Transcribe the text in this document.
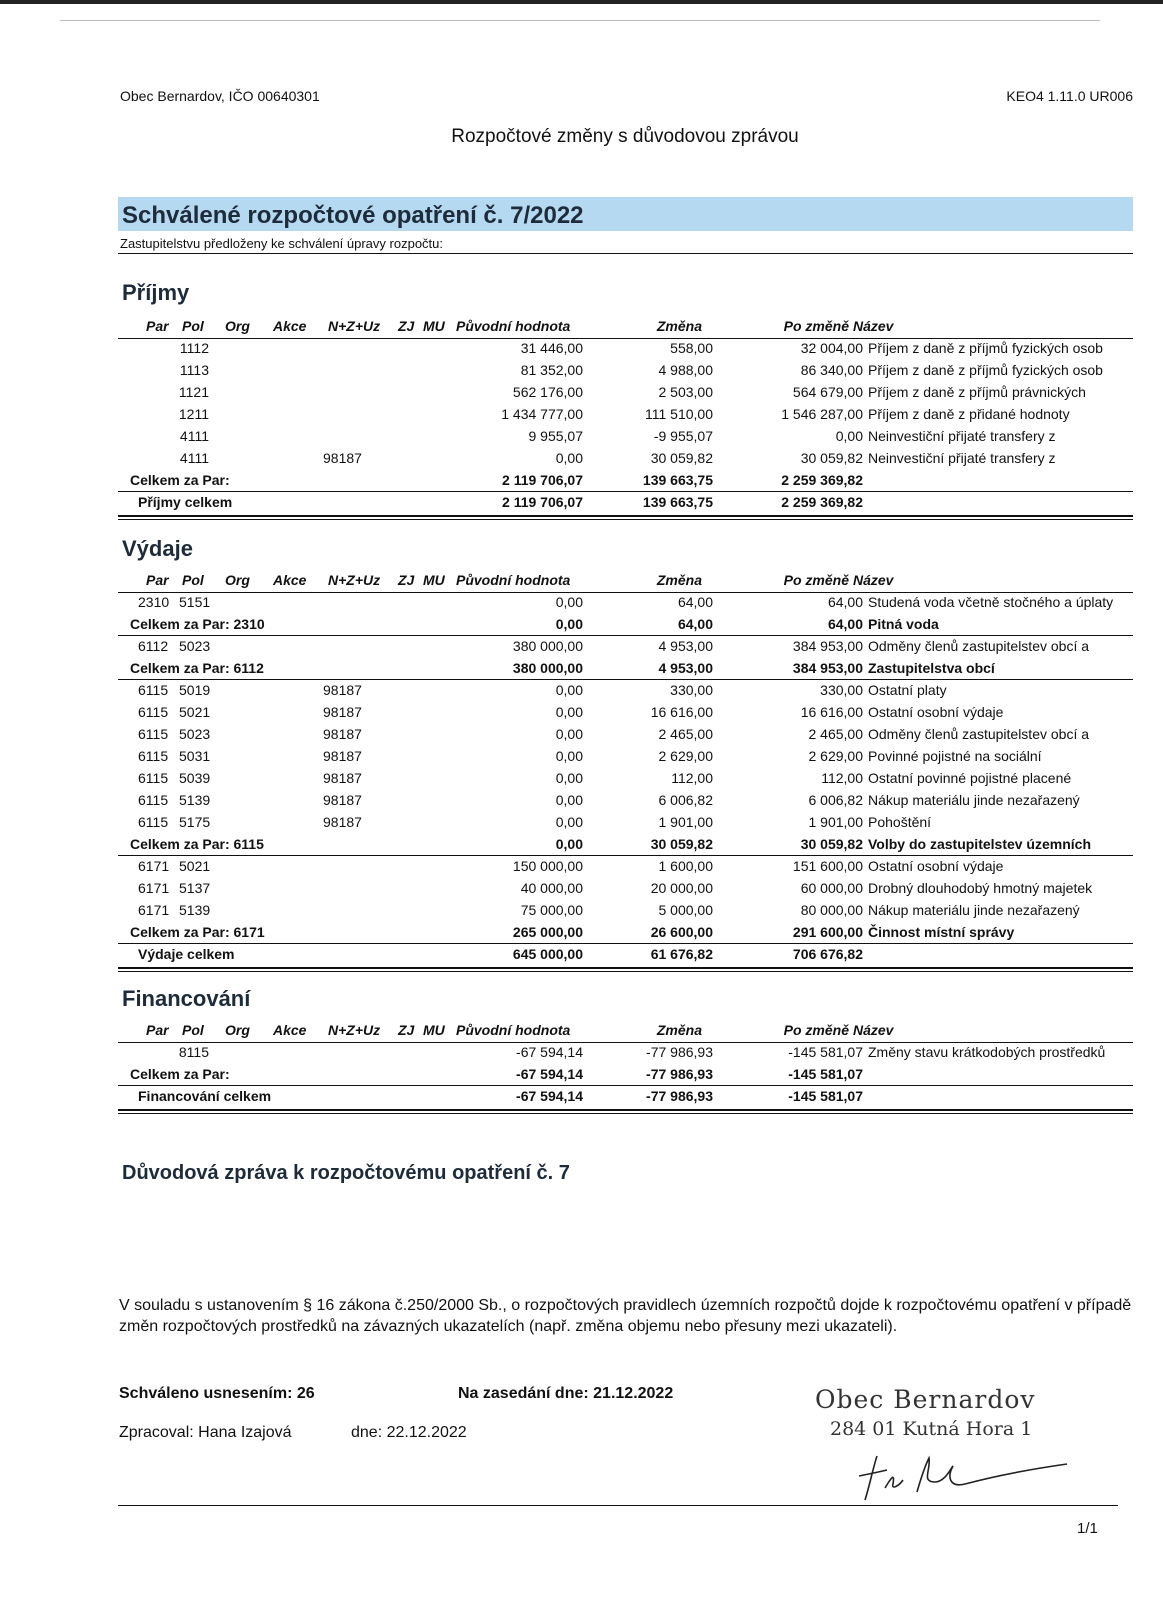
Obec Bernardov, IČO 00640301	KEO4 1.11.0 UR006
Rozpočtové změny s důvodovou zprávou
Schválené rozpočtové opatření č. 7/2022
Zastupitelstvu předloženy ke schválení úpravy rozpočtu:
Příjmy
Par Pol Org Akce N+Z+Uz ZJ MU Původní hodnota	Změna	Po změně Název
1112	31 446,00	558,00	32 004,00 Příjem z daně z příjmů fyzických osob
1113	81 352,00	4 988,00	86 340,00 Příjem z daně z příjmů fyzických osob
1121	562 176,00	2 503,00	564 679,00 Příjem z daně z příjmů právnických
1211	1 434 777,00	111 510,00	1 546 287,00 Příjem z daně z přidané hodnoty
4111	9 955,07	-9 955,07	0,00 Neinvestiční přijaté transfery z
4111	98187	0,00	30 059,82	30 059,82 Neinvestiční přijaté transfery z
Celkem za Par:	2 119 706,07	139 663,75	2 259 369,82
Příjmy celkem	2 119 706,07	139 663,75	2 259 369,82
Výdaje
Par Pol Org Akce N+Z+Uz ZJ MU Původní hodnota	Změna	Po změně Název
2310 5151	0,00	64,00	64,00 Studená voda včetně stočného a úplaty
Celkem za Par: 2310	0,00	64,00	64,00 Pitná voda
6112 5023	380 000,00	4 953,00	384 953,00 Odměny členů zastupitelstev obcí a
Celkem za Par: 6112	380 000,00	4 953,00	384 953,00 Zastupitelstva obcí
6115 5019	98187	0,00	330,00	330,00 Ostatní platy
6115 5021	98187	0,00	16 616,00	16 616,00 Ostatní osobní výdaje
6115 5023	98187	0,00	2 465,00	2 465,00 Odměny členů zastupitelstev obcí a
6115 5031	98187	0,00	2 629,00	2 629,00 Povinné pojistné na sociální
6115 5039	98187	0,00	112,00	112,00 Ostatní povinné pojistné placené
6115 5139	98187	0,00	6 006,82	6 006,82 Nákup materiálu jinde nezařazený
6115 5175	98187	0,00	1 901,00	1 901,00 Pohoštění
Celkem za Par: 6115	0,00	30 059,82	30 059,82 Volby do zastupitelstev územních
6171 5021	150 000,00	1 600,00	151 600,00 Ostatní osobní výdaje
6171 5137	40 000,00	20 000,00	60 000,00 Drobný dlouhodobý hmotný majetek
6171 5139	75 000,00	5 000,00	80 000,00 Nákup materiálu jinde nezařazený
Celkem za Par: 6171	265 000,00	26 600,00	291 600,00 Činnost místní správy
Výdaje celkem	645 000,00	61 676,82	706 676,82
Financování
Par Pol Org Akce N+Z+Uz ZJ MU Původní hodnota	Změna	Po změně Název
8115	-67 594,14	-77 986,93	-145 581,07 Změny stavu krátkodobých prostředků
Celkem za Par:	-67 594,14	-77 986,93	-145 581,07
Financování celkem	-67 594,14	-77 986,93	-145 581,07
Důvodová zpráva k rozpočtovému opatření č. 7
V souladu s ustanovením § 16 zákona č.250/2000 Sb., o rozpočtových pravidlech územních rozpočtů dojde k rozpočtovému opatření v případě změn rozpočtových prostředků na závazných ukazatelích (např. změna objemu nebo přesuny mezi ukazateli).
Schváleno usnesením: 26	Na zasedání dne: 21.12.2022
Zpracoval: Hana Izajová	dne: 22.12.2022
Obec Bernardov
284 01 Kutná Hora 1
1/1
